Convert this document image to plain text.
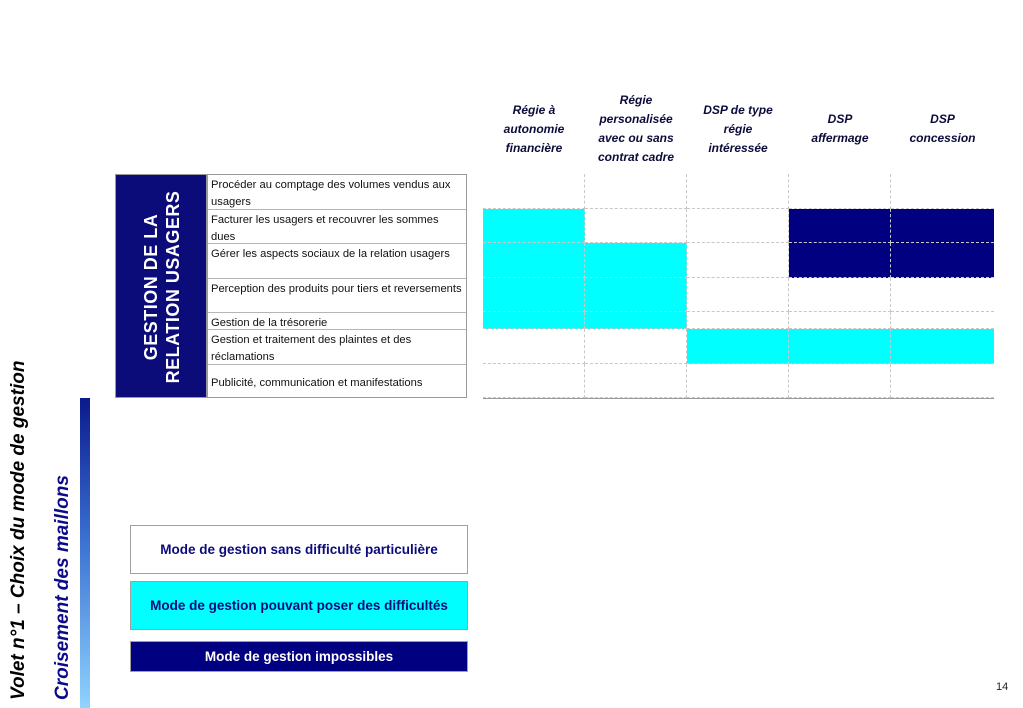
Volet n°1 – Choix du mode de gestion Croisement des maillons
GESTION DE LA RELATION USAGERS
Procéder au comptage des volumes vendus aux usagers
Facturer les usagers et recouvrer les sommes dues
Gérer les aspects sociaux de la relation usagers
Perception des produits pour tiers et reversements
Gestion de la trésorerie
Gestion et traitement des plaintes et des réclamations
Publicité, communication et manifestations
Mode de gestion sans difficulté particulière
Mode de gestion pouvant poser des difficultés
Mode de gestion impossibles
14
Régie à autonomie financière
Régie personalisée avec ou sans contrat cadre
DSP de type régie intéressée
DSP affermage
DSP concession
